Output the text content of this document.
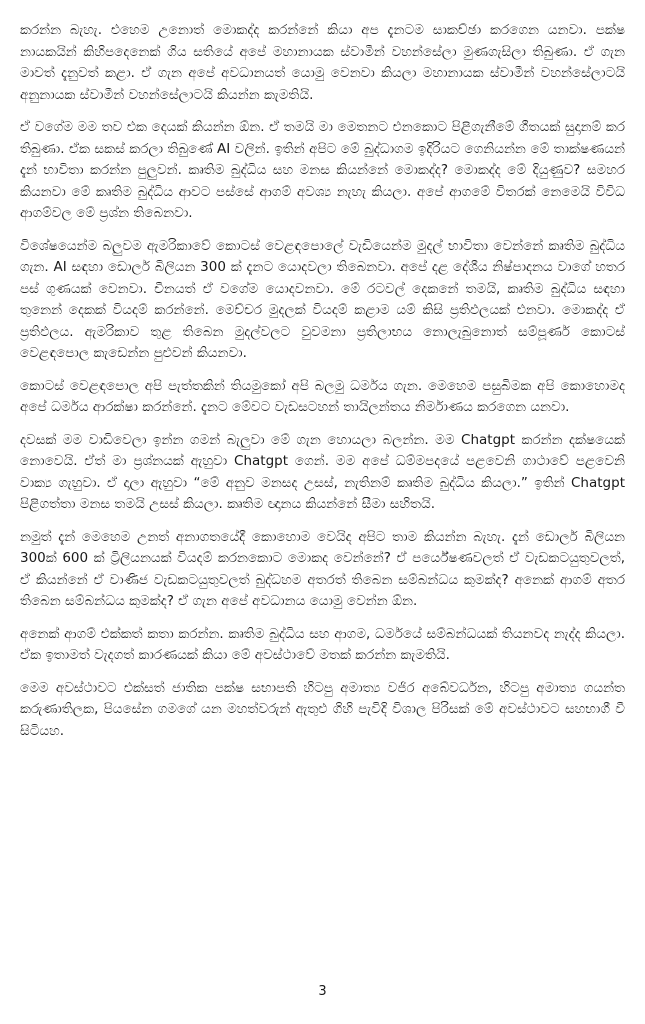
කරන්න බැහැ. එහෙම උනොත් මොකද්ද කරන්නේ කියා අප දැනටම සාකච්ඡා කරගෙන යනවා. පක්ෂ නායකයින් කිහිපදෙනෙක් ගිය සතියේ අපේ මහානායක ස්වාමීන් වහන්සේලා මුණගැසිලා තිබුණා. ඒ ගැන මාවත් දැනුවත් කළා. ඒ ගැන අපේ අවධානයත් යොමු වෙනවා කියලා මහානායක ස්වාමීන් වහන්සේලාටයි අනුනායක ස්වාමීන් වහන්සේලාටයි කියන්න කැමතියි.

ඒ වගේම මම තව එක දෙයක් කියන්න ඕන. ඒ තමයි මා මෙතනට එනකොට පිළිගැනීමේ ගීතයක් සුදානම් කර තිබුණා. ඒක සකස් කරලා තිබුණේ AI වලින්. ඉතින් අපිට මේ බුද්ධාගම ඉදිරියට ගෙනියන්න මේ තාක්ෂණයන් දැන් භාවිතා කරන්න පුලුවන්. කෘතිම බුද්ධිය සහ මනස කියන්නේ මොකද්ද? මොකද්ද මේ දියුණුව? සමහර කියනවා මේ කෘතිම බුද්ධිය ආවට පස්සේ ආගම් අවශ්‍ය නැහැ කියලා. අපේ ආගමේ විතරක් නෙමෙයි විවිධ ආගම්වල මේ ප්‍රශ්න තිබෙනවා.

විශේෂයෙන්ම බලුවම ඇමරිකාවේ කොටස් වෙළඳපොලේ වැඩියෙන්ම මුදල් භාවිතා වෙන්නේ කෘතිම බුද්ධිය ගැන. AI සඳහා ඩොලර් බිලියන 300 ක් දැනට යොදවලා තිබෙනවා. අපේ දළ දේශීය නිෂ්පාදනය වාගේ හතර පස් ගුණයක් වෙනවා. චීනයත් ඒ වගේම යොදවනවා. මේ රටවල් දෙකනේ තමයි, කෘතිම බුද්ධිය සඳහා තුනෙන් දෙකක් වියදම් කරන්නේ. මෙච්චර මුදලක් වියදම් කළාම යම් කිසි ප්‍රතිඵලයක් එනවා. මොකද්ද ඒ ප්‍රතිඵලය. ඇමරිකාව තුළ තිබෙන මුදල්වලට වුවමනා ප්‍රතිලාභය නොලැබුනොත් සම්පූර්ණ කොටස් වෙළඳපොල කැඩෙන්න පුළුවන් කියනවා.

කොටස් වෙළඳපොල අපි පැත්තකින් තියමුකෝ අපි බලමු ධර්මය ගැන. මෙහෙම පසුබිමක අපි කොහොමද අපේ ධර්මය ආරක්ෂා කරන්නේ. දැනට මේවට වැඩසටහන් තායිලන්තය නිර්මාණය කරගෙන යනවා.

දවසක් මම වාඩිවෙලා ඉන්න ගමන් බැලුවා මේ ගැන හොයලා බලන්න. මම Chatgpt කරන්න දක්ෂයෙක් නොවෙයි. ඒත් මා ප්‍රශ්නයක් ඇහුවා Chatgpt ගෙන්. මම අපේ ධම්මපදයේ පළවෙනි ගාථාවේ පළවෙනි වාක්‍ය ගැහුවා. ඒ දාලා ඇහුවා “මේ අනුව මනසද උසස්, නැතිනම් කෘතිම බුද්ධිය කියලා.” ඉතින් Chatgpt පිළිගත්තා මනස තමයි උසස් කියලා. කෘතිම ඥානය කියන්නේ සීමා සහිතයි.

නමුත් දැන් මෙහෙම උනත් අනාගතයේදී කොහොම වෙයිද අපිට තාම කියන්න බැහැ. දැන් ඩොලර් බිලියන 300ක් 600 ක් ට්‍රිලියනයක් වියදම් කරනකොට මොකද වෙන්නේ? ඒ පර්යේෂණවලත් ඒ වැඩකටයුතුවලත්, ඒ කියන්නේ ඒ වාණිජ වැඩකටයුතුවලත් බුද්ධහම අතරත් තිබෙන සම්බන්ධය කුමක්ද? අනෙක් ආගම් අතර තිබෙන සම්බන්ධය කුමක්ද? ඒ ගැන අපේ අවධානය යොමු වෙන්න ඕන.

අනෙක් ආගම් එක්කත් කතා කරන්න. කෘතිම බුද්ධිය සහ ආගම, ධර්මයේ සම්බන්ධයක් තියනවද නැද්ද කියලා. ඒක ඉතාමත් වැදගත් කාරණයක් කියා මේ අවස්ථාවේ මතක් කරන්න කැමතියි.

මෙම අවස්ථාවට එක්සත් ජාතික පක්ෂ සභාපති හිටපු අමාත්‍ය වජිර අබේවර්ධන, හිටපු අමාත්‍ය ගයන්ත කරුණාතිලක, පියසේන ගමගේ යන මහත්වරුන් ඇතුළු ගිහි පැවිදි විශාල පිරිසක් මේ අවස්ථාවට සහභාගී වී සිටියහ.

3
